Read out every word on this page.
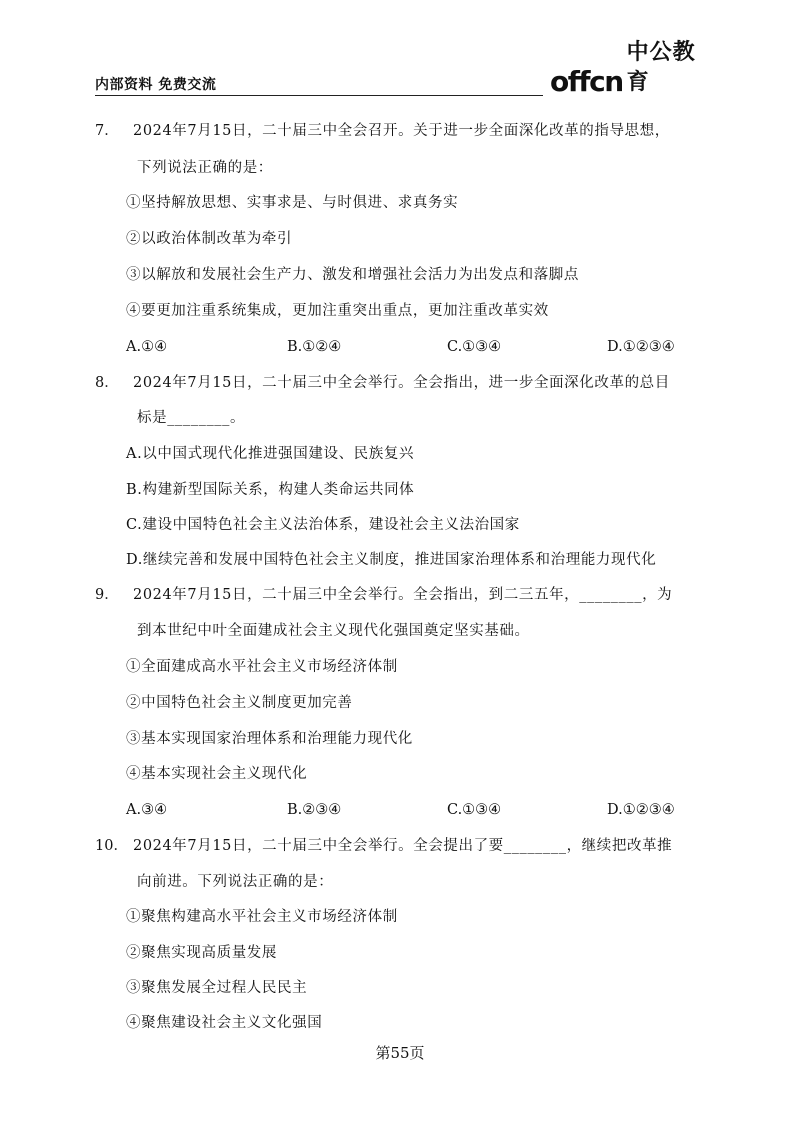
内部资料 免费交流	offcn
中公教育
7． 2024年7月15日，二十届三中全会召开。关于进一步全面深化改革的指导思想，
下列说法正确的是：
①坚持解放思想、实事求是、与时俱进、求真务实
②以政治体制改革为牵引
③以解放和发展社会生产力、激发和增强社会活力为出发点和落脚点
④要更加注重系统集成，更加注重突出重点，更加注重改革实效
A.①④	B.①②④	C.①③④	D.①②③④
8． 2024年7月15日，二十届三中全会举行。全会指出，进一步全面深化改革的总目
标是________。
A.以中国式现代化推进强国建设、民族复兴
B.构建新型国际关系，构建人类命运共同体
C.建设中国特色社会主义法治体系，建设社会主义法治国家
D.继续完善和发展中国特色社会主义制度，推进国家治理体系和治理能力现代化
9． 2024年7月15日，二十届三中全会举行。全会指出，到二三五年，________，为
到本世纪中叶全面建成社会主义现代化强国奠定坚实基础。
①全面建成高水平社会主义市场经济体制
②中国特色社会主义制度更加完善
③基本实现国家治理体系和治理能力现代化
④基本实现社会主义现代化
A.③④	B.②③④	C.①③④	D.①②③④
10． 2024年7月15日，二十届三中全会举行。全会提出了要________，继续把改革推
向前进。下列说法正确的是：
①聚焦构建高水平社会主义市场经济体制
②聚焦实现高质量发展
③聚焦发展全过程人民民主
④聚焦建设社会主义文化强国
第55页
